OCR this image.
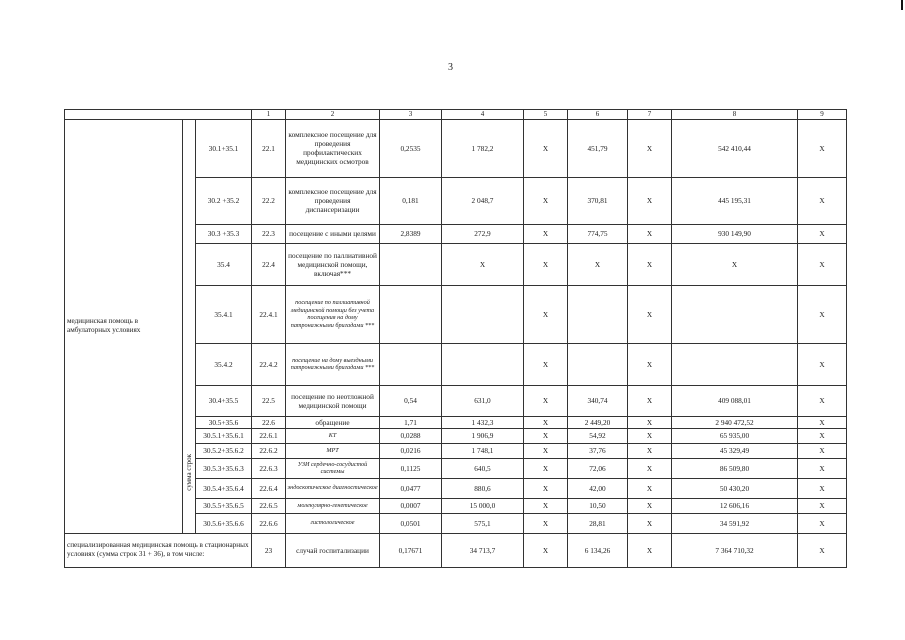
3
			1	2	3	4	5	6	7	8	9
медицинская помощь в амбулаторных условиях	сумма строк	30.1+35.1	22.1	комплексное посещение для проведения профилактических медицинских осмотров	0,2535	1 782,2	X	451,79	X	542 410,44	X
		30.2 +35.2	22.2	комплексное посещение для проведения диспансеризации	0,181	2 048,7	X	370,81	X	445 195,31	X
		30.3 +35.3	22.3	посещение с иными целями	2,8389	272,9	X	774,75	X	930 149,90	X
		35.4	22.4	посещение по паллиативной медицинской помощи, включая***		X	X	X	X	X	X
		35.4.1	22.4.1	посещение по паллиативной медицинской помощи без учета посещения на дому патронажными бригадами ***			X		X		X
		35.4.2	22.4.2	посещение на дому выездными патронажными бригадами ***			X		X		X
		30.4+35.5	22.5	посещение по неотложной медицинской помощи	0,54	631,0	X	340,74	X	409 088,01	X
		30.5+35.6	22.6	обращение	1,71	1 432,3	X	2 449,20	X	2 940 472,52	X
		30.5.1+35.6.1	22.6.1	КТ	0,0288	1 906,9	X	54,92	X	65 935,00	X
		30.5.2+35.6.2	22.6.2	МРТ	0,0216	1 748,1	X	37,76	X	45 329,49	X
		30.5.3+35.6.3	22.6.3	УЗИ сердечно-сосудистой системы	0,1125	640,5	X	72,06	X	86 509,80	X
		30.5.4+35.6.4	22.6.4	эндоскопическое диагностическое	0,0477	880,6	X	42,00	X	50 430,20	X
		30.5.5+35.6.5	22.6.5	молекулярно-генетическое	0,0007	15 000,0	X	10,50	X	12 606,16	X
		30.5.6+35.6.6	22.6.6	гистологическое	0,0501	575,1	X	28,81	X	34 591,92	X
специализированная медицинская помощь в стационарных условиях (сумма строк 31 + 36), в том числе:			23	случай госпитализации	0,17671	34 713,7	X	6 134,26	X	7 364 710,32	X
